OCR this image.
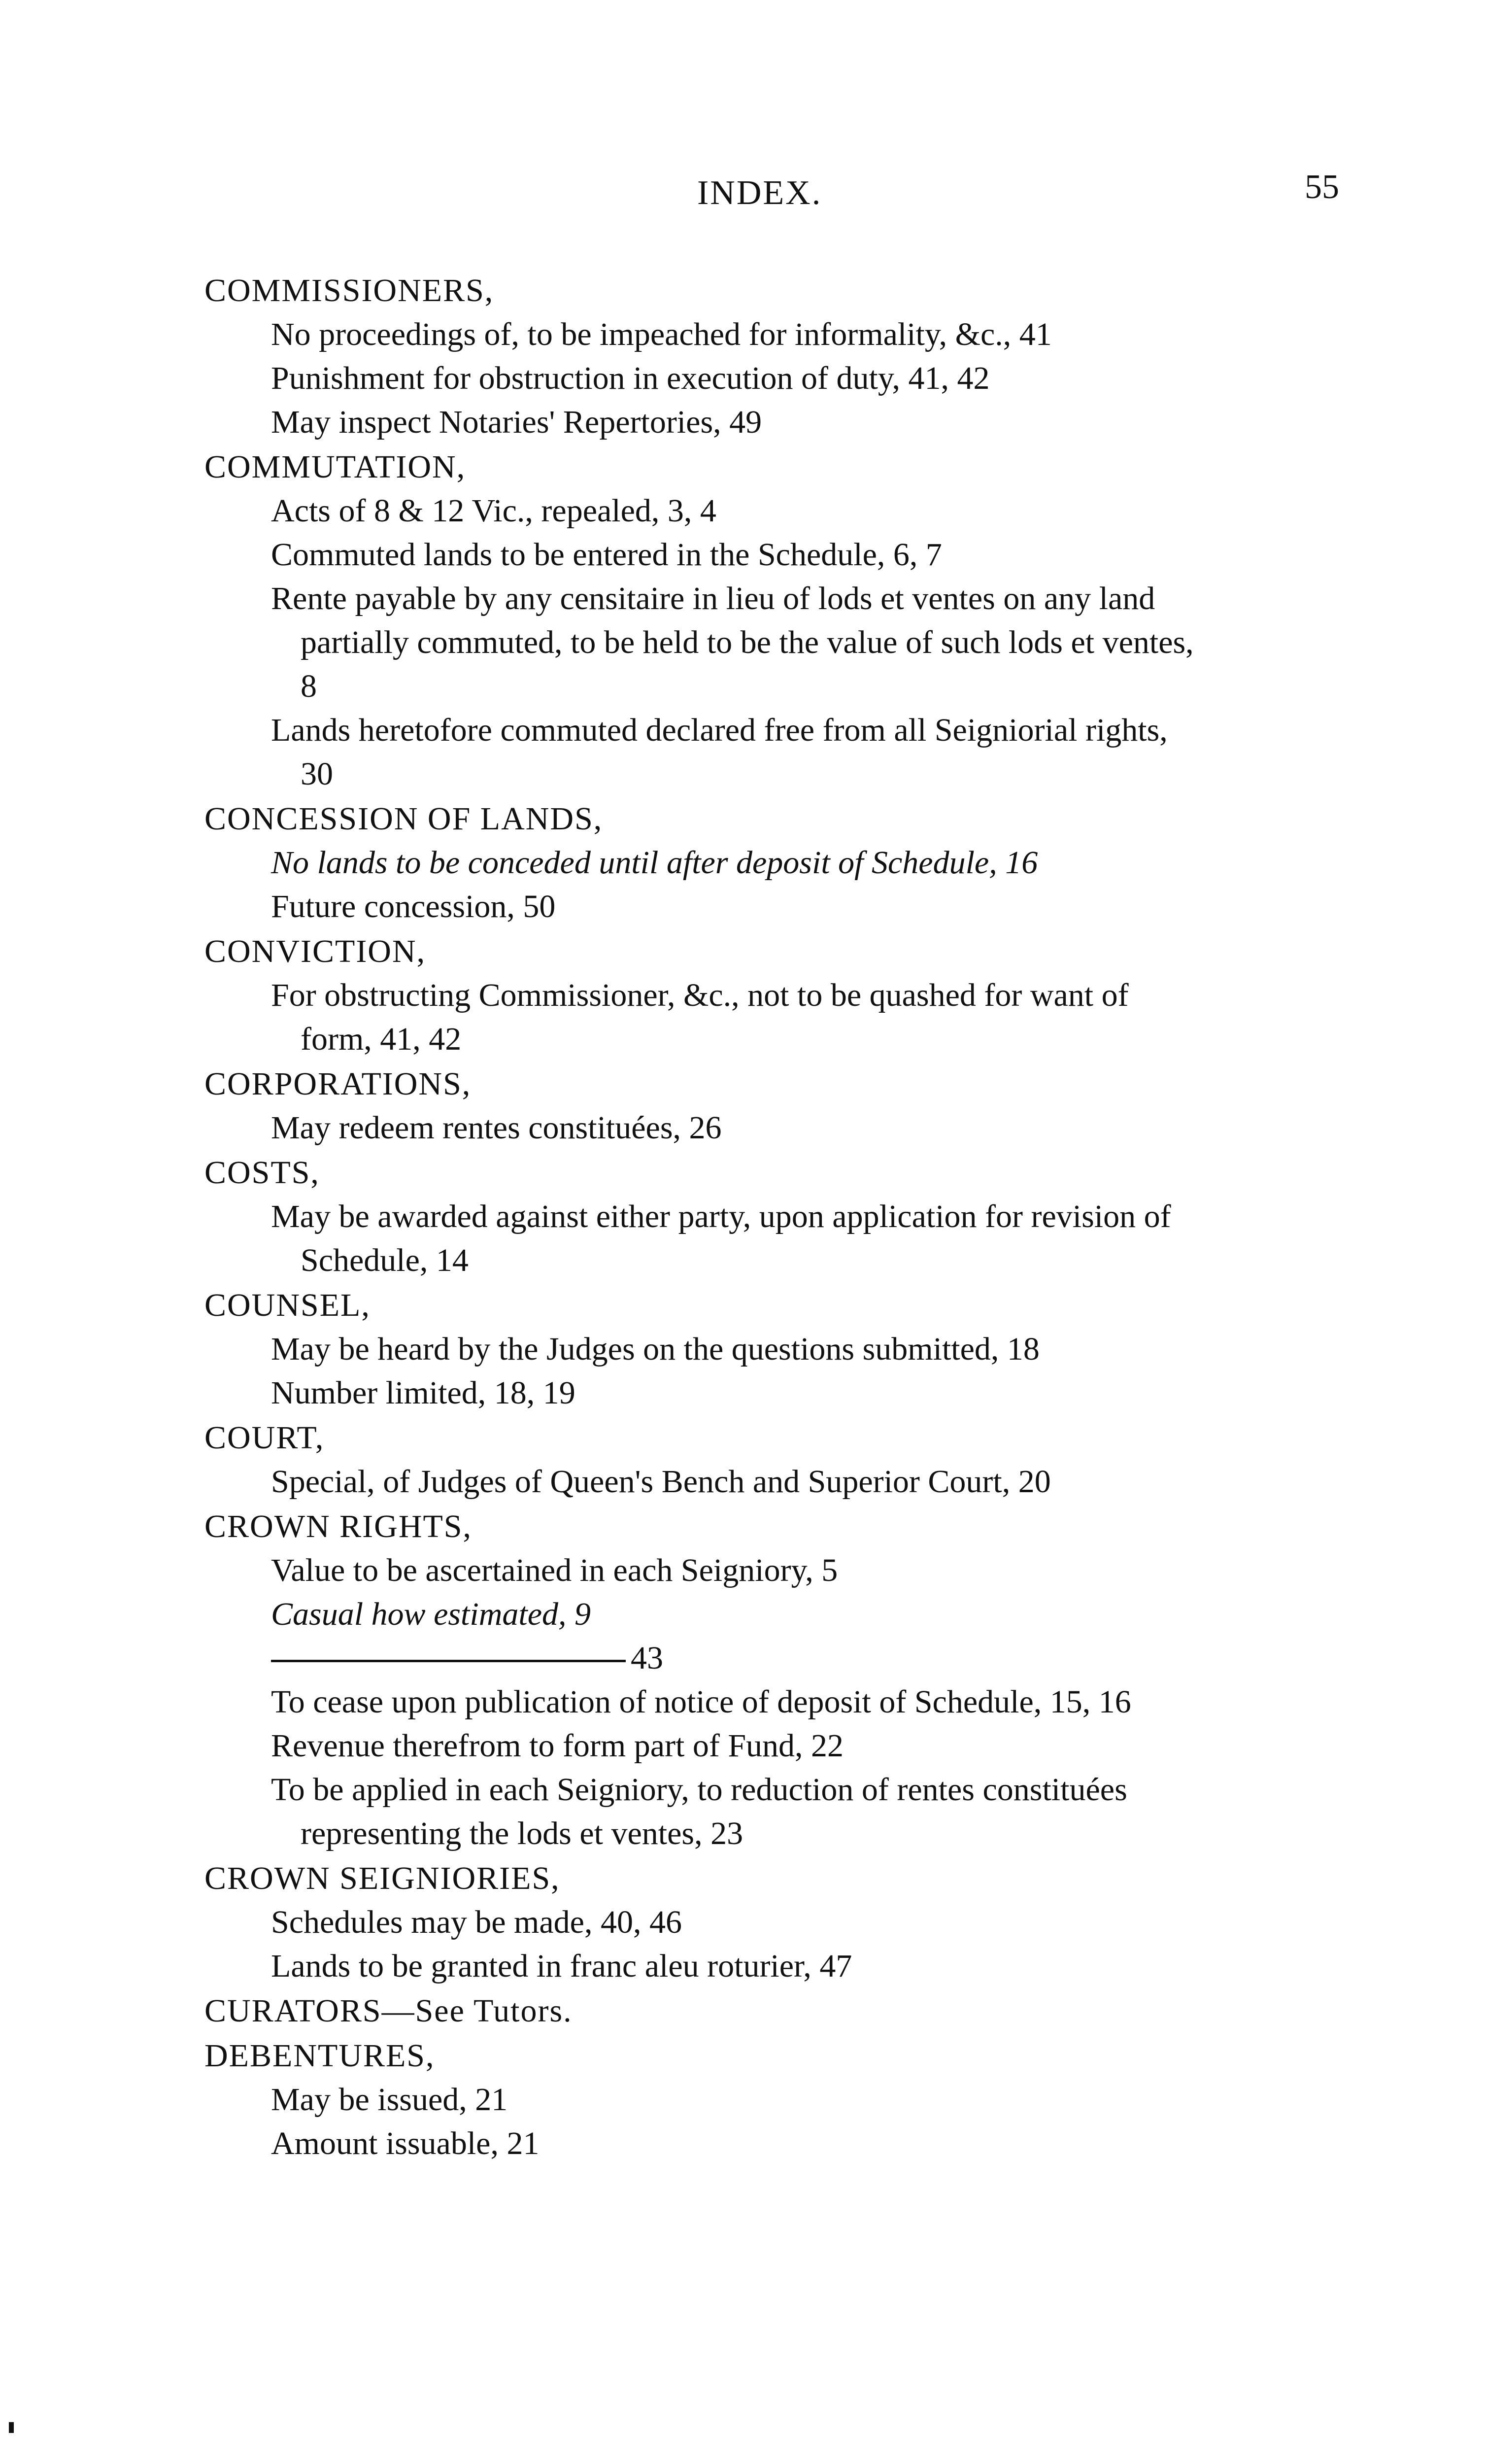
INDEX.	55
COMMISSIONERS,
No proceedings of, to be impeached for informality, &c., 41
Punishment for obstruction in execution of duty, 41, 42
May inspect Notaries' Repertories, 49
COMMUTATION,
Acts of 8 & 12 Vic., repealed, 3, 4
Commuted lands to be entered in the Schedule, 6, 7
Rente payable by any censitaire in lieu of lods et ventes on any land
partially commuted, to be held to be the value of such lods et ventes,
8
Lands heretofore commuted declared free from all Seigniorial rights,
30
CONCESSION OF LANDS,
No lands to be conceded until after deposit of Schedule, 16
Future concession, 50
CONVICTION,
For obstructing Commissioner, &c., not to be quashed for want of
form, 41, 42
CORPORATIONS,
May redeem rentes constituées, 26
COSTS,
May be awarded against either party, upon application for revision of
Schedule, 14
COUNSEL,
May be heard by the Judges on the questions submitted, 18
Number limited, 18, 19
COURT,
Special, of Judges of Queen's Bench and Superior Court, 20
CROWN RIGHTS,
Value to be ascertained in each Seigniory, 5
Casual how estimated, 9
43
To cease upon publication of notice of deposit of Schedule, 15, 16
Revenue therefrom to form part of Fund, 22
To be applied in each Seigniory, to reduction of rentes constituées
representing the lods et ventes, 23
CROWN SEIGNIORIES,
Schedules may be made, 40, 46
Lands to be granted in franc aleu roturier, 47
CURATORS—See Tutors.
DEBENTURES,
May be issued, 21
Amount issuable, 21
